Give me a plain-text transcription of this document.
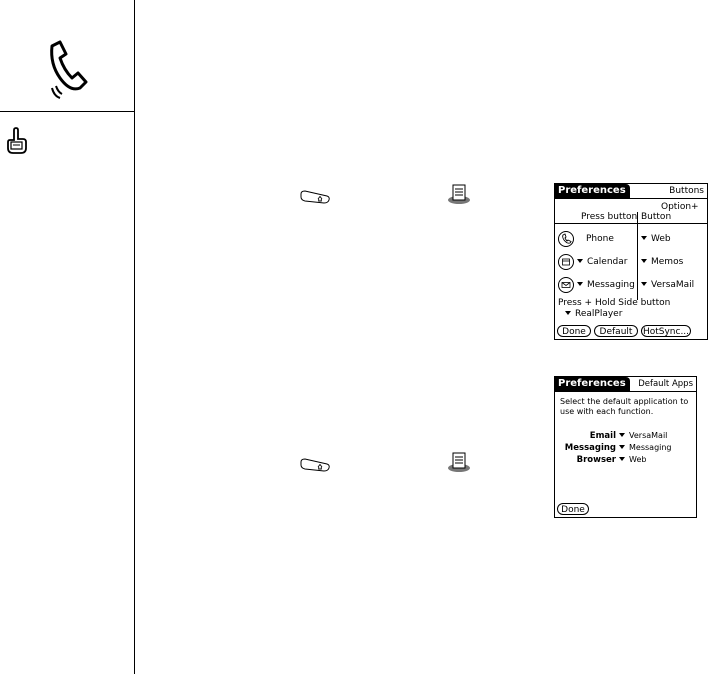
Preferences	Buttons
Option+
Press button Button
Phone	Web
Calendar	Memos
Messaging	VersaMail
Press + Hold Side button
RealPlayer
Done	Default	HotSync...
Preferences	Default Apps
Select the default application to
use with each function.
Email	VersaMail
Messaging	Messaging
Browser	Web
Done
